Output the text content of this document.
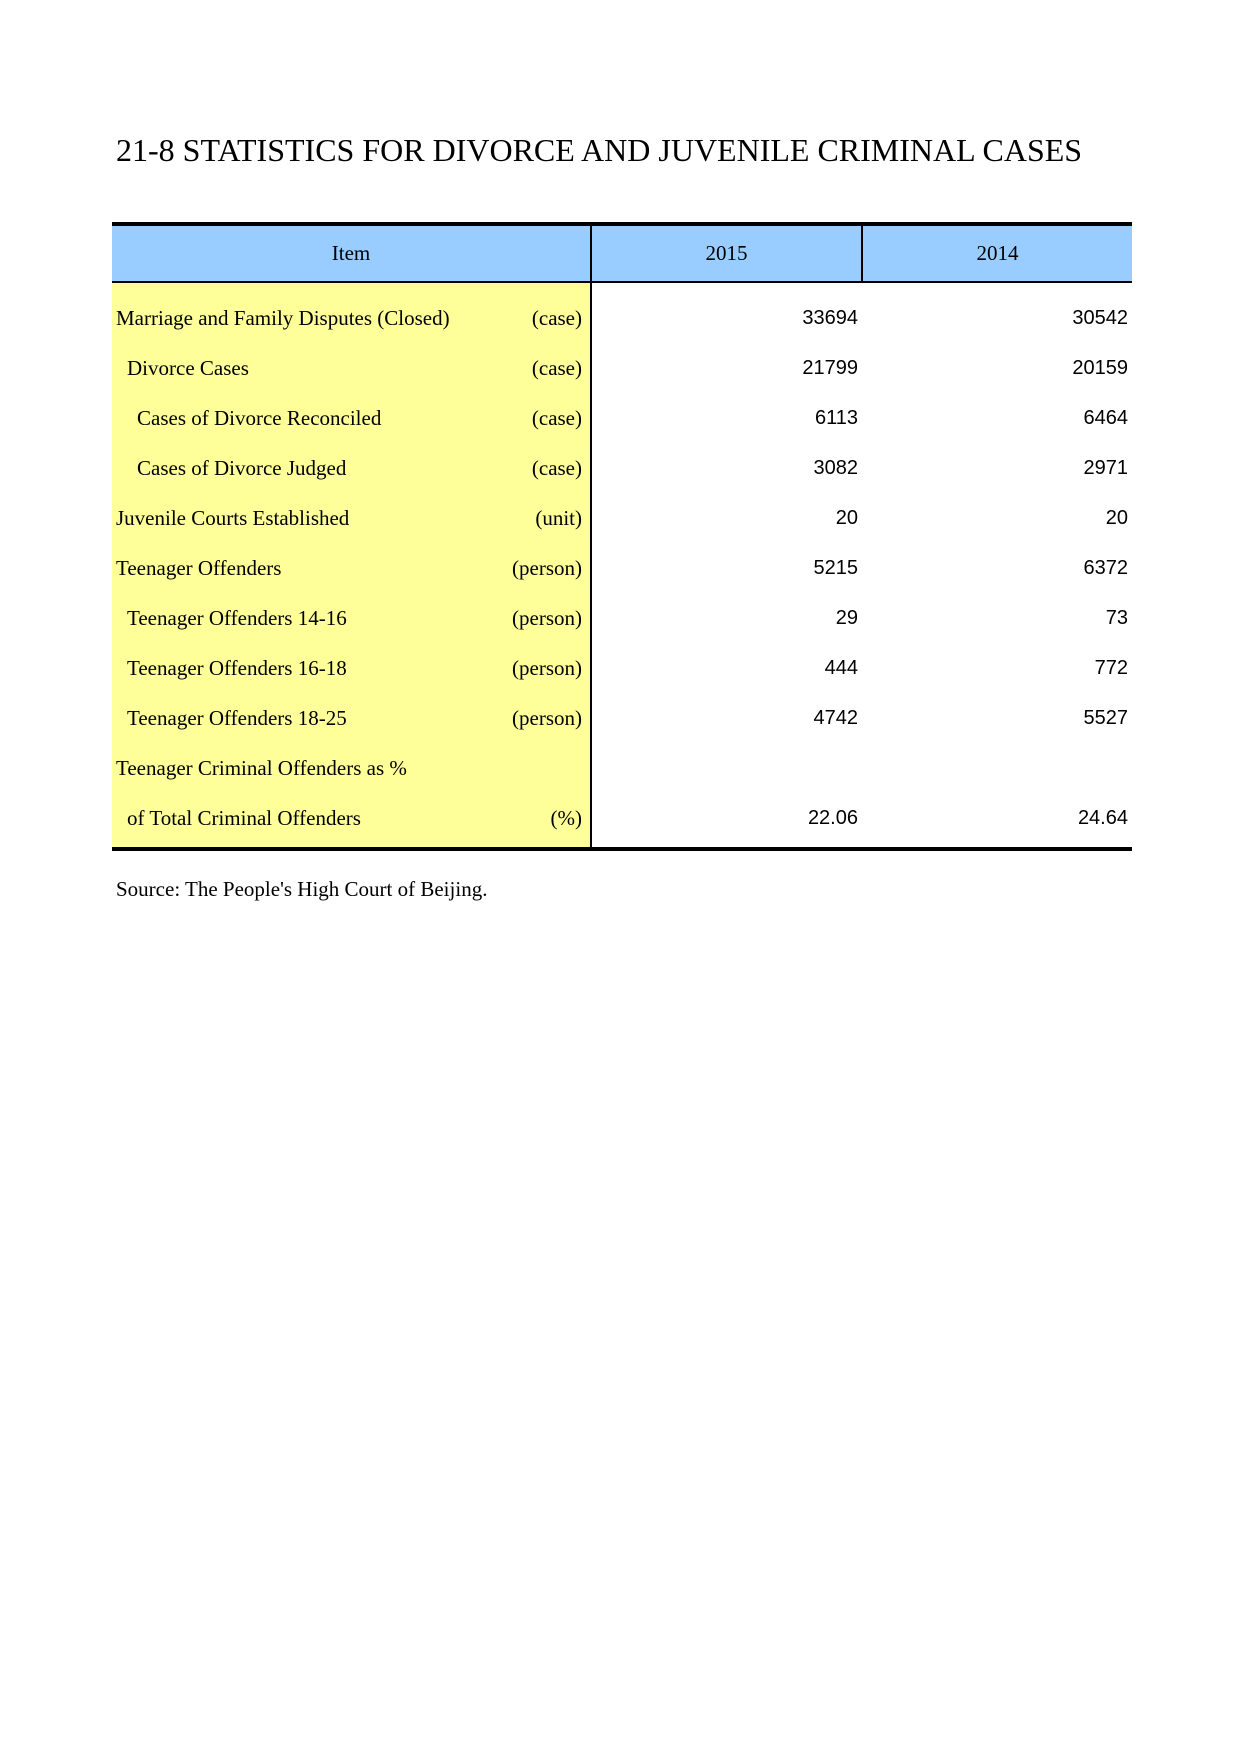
21-8 STATISTICS FOR DIVORCE AND JUVENILE CRIMINAL CASES
Item	2015	2014

Marriage and Family Disputes (Closed) (case)	33694	30542

Divorce Cases (case)	21799	20159

Cases of Divorce Reconciled (case)	6113	6464

Cases of Divorce Judged (case)	3082	2971

Juvenile Courts Established (unit)	20	20

Teenager Offenders (person)	5215	6372

Teenager Offenders 14-16 (person)	29	73

Teenager Offenders 16-18 (person)	444	772

Teenager Offenders 18-25 (person)	4742	5527

Teenager Criminal Offenders as %		

of Total Criminal Offenders (%)	22.06	24.64
Source: The People's High Court of Beijing.
